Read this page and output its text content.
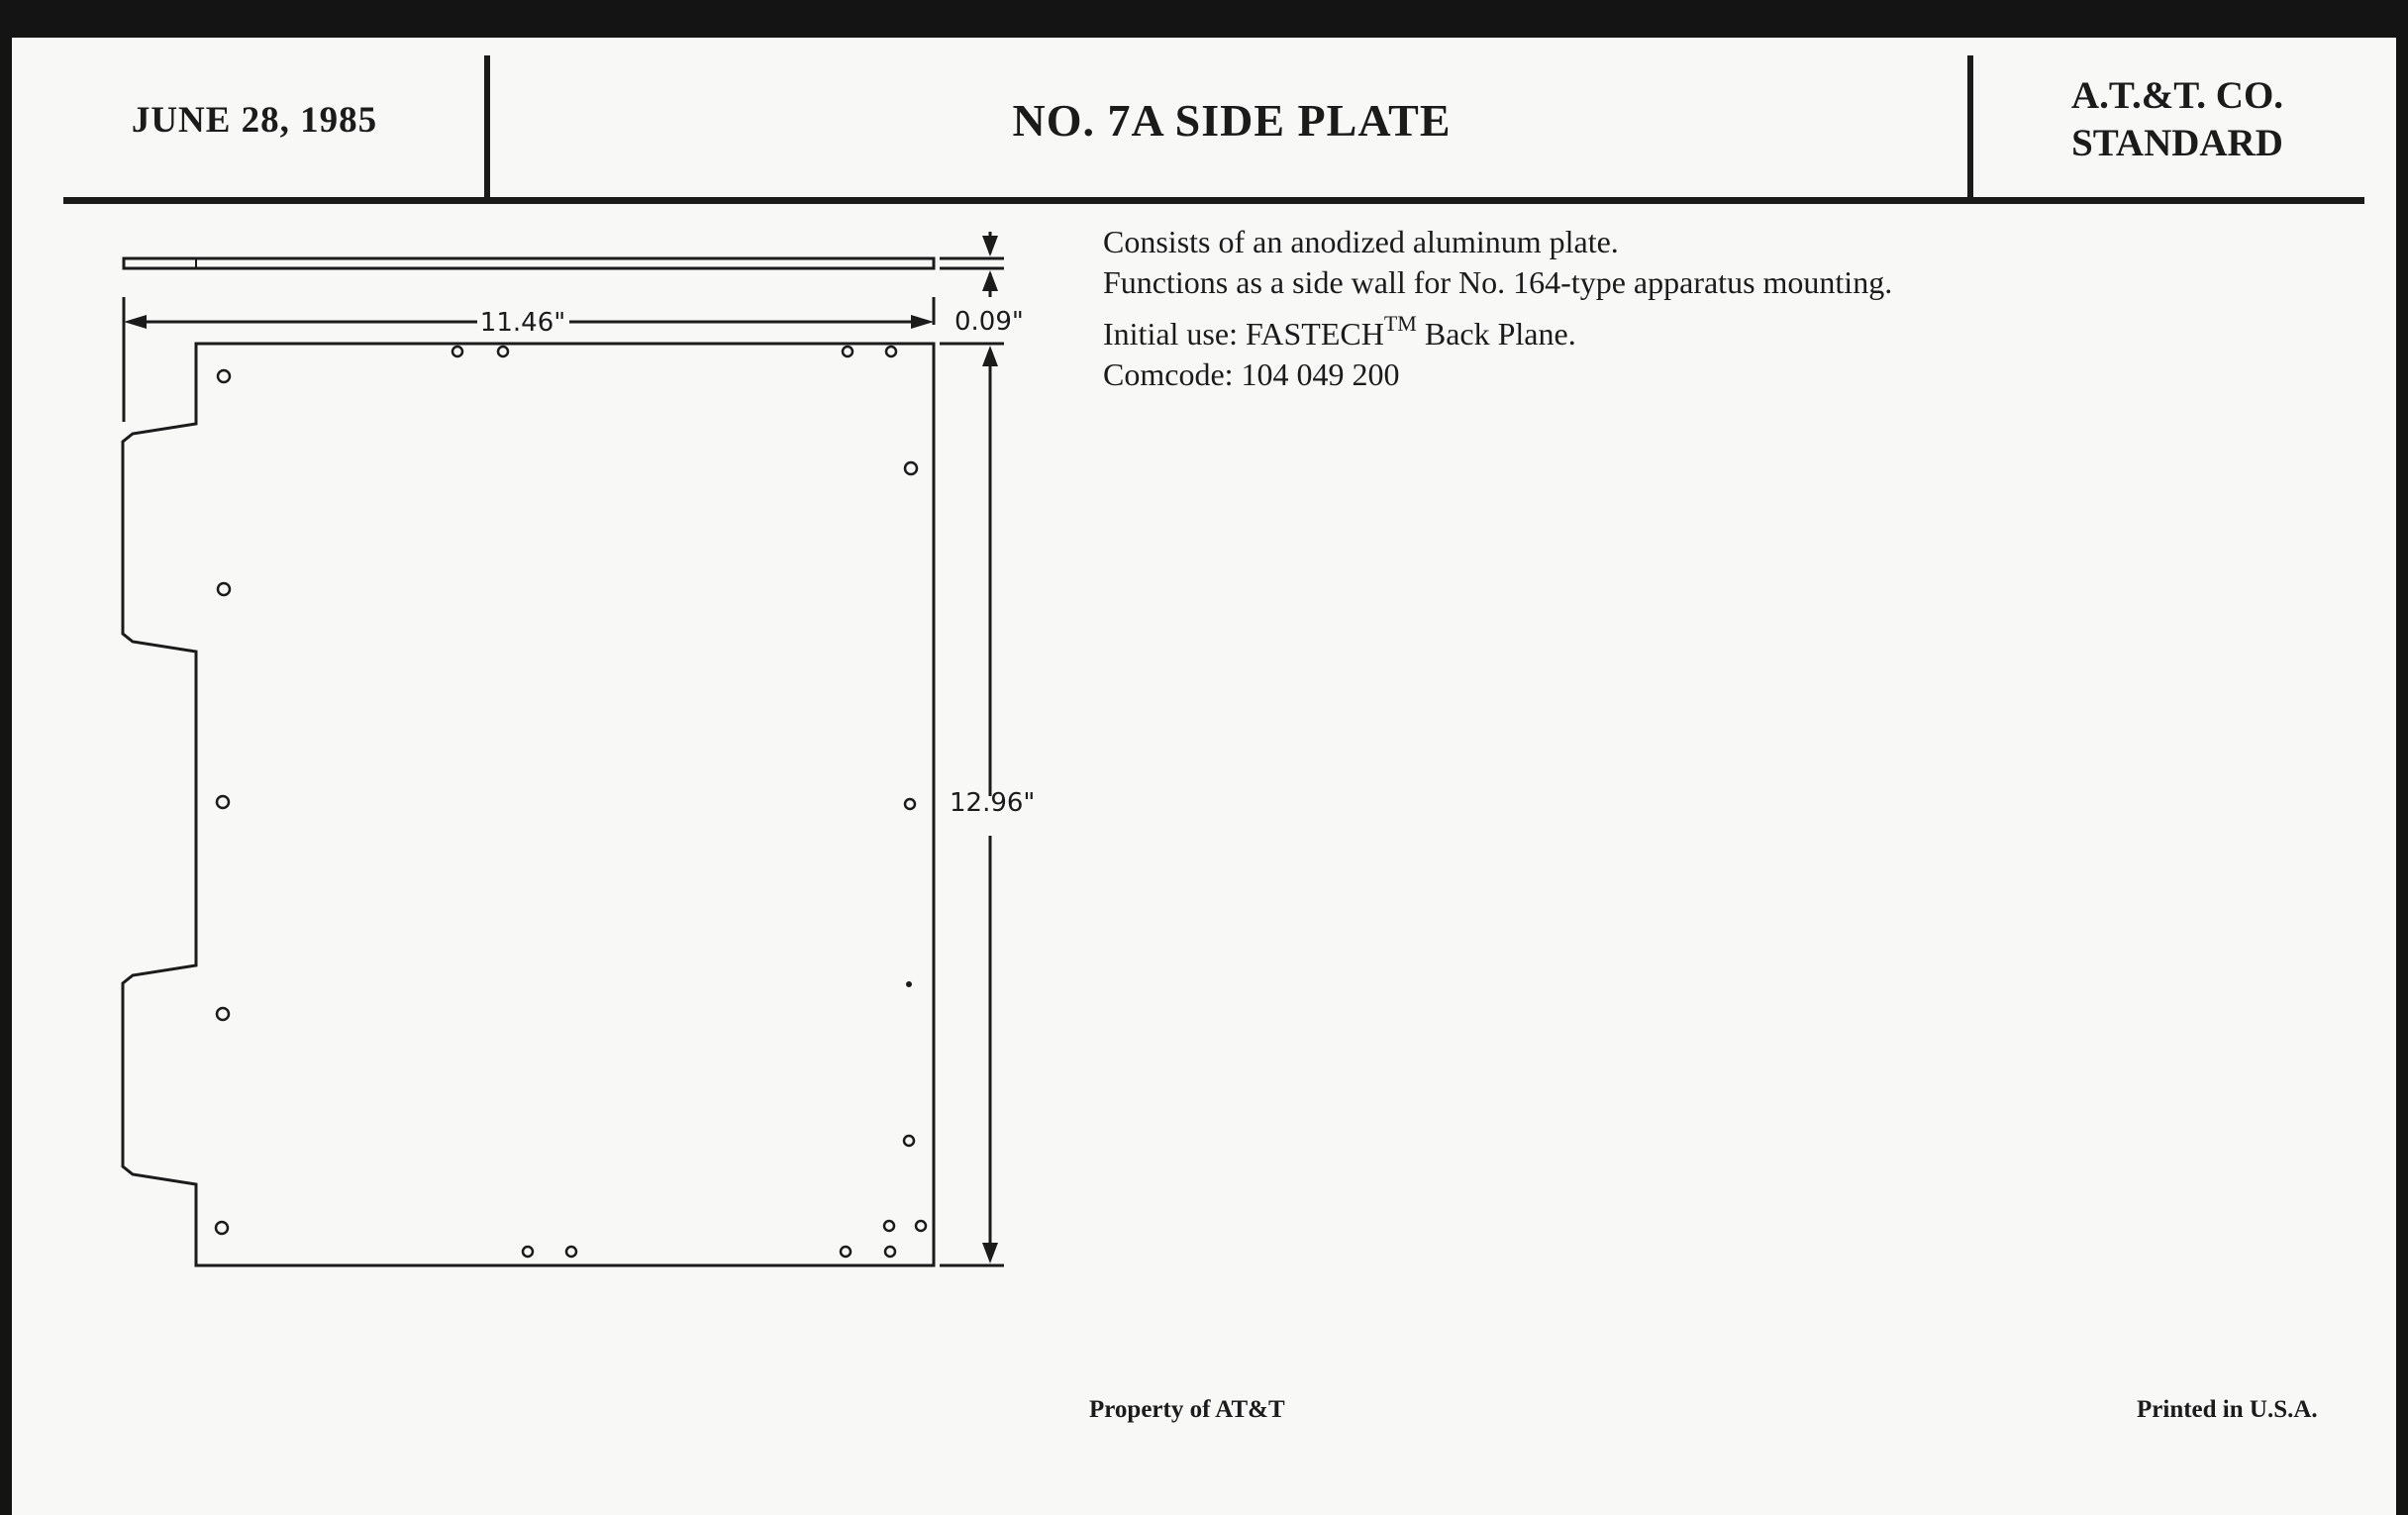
JUNE 28, 1985	NO. 7A SIDE PLATE	A.T.&T. CO.
STANDARD
11.46"	0.09"
12.96"
Consists of an anodized aluminum plate.
Functions as a side wall for No. 164-type apparatus mounting.
Initial use: FASTECH™ Back Plane.
Comcode: 104 049 200
Property of AT&T	Printed in U.S.A.
